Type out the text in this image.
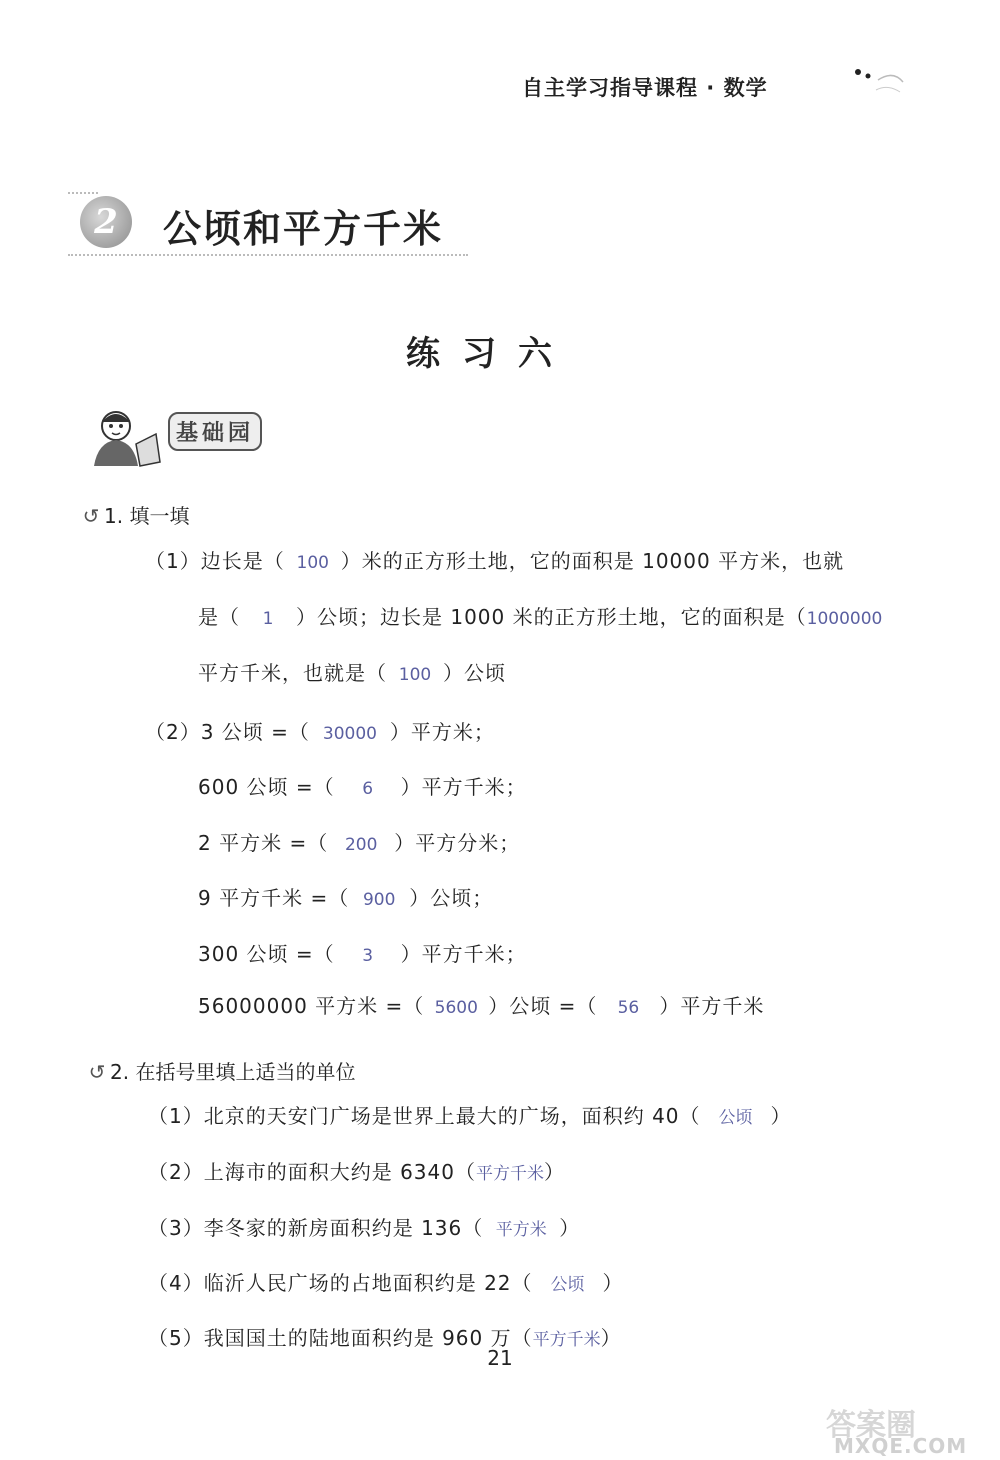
自主学习指导课程 · 数学
2	公顷和平方千米
练习六
基础园
↺ 1. 填一填
（1）边长是（ 100 ）米的正方形土地，它的面积是 10000 平方米，也就
是（ 1 ）公顷；边长是 1000 米的正方形土地，它的面积是（1000000
平方千米，也就是（ 100 ）公顷
（2）3 公顷 =（ 30000 ）平方米；
600 公顷 =（ 6 ）平方千米；
2 平方米 =（ 200 ）平方分米；
9 平方千米 =（ 900 ）公顷；
300 公顷 =（ 3 ）平方千米；
56000000 平方米 =（ 5600 ）公顷 =（ 56 ）平方千米
↺ 2. 在括号里填上适当的单位
（1）北京的天安门广场是世界上最大的广场，面积约 40（ 公顷 ）
（2）上海市的面积大约是 6340（平方千米）
（3）李冬家的新房面积约是 136（ 平方米 ）
（4）临沂人民广场的占地面积约是 22（ 公顷 ）
（5）我国国土的陆地面积约是 960 万（平方千米）
21
答案圈
MXQE.COM
